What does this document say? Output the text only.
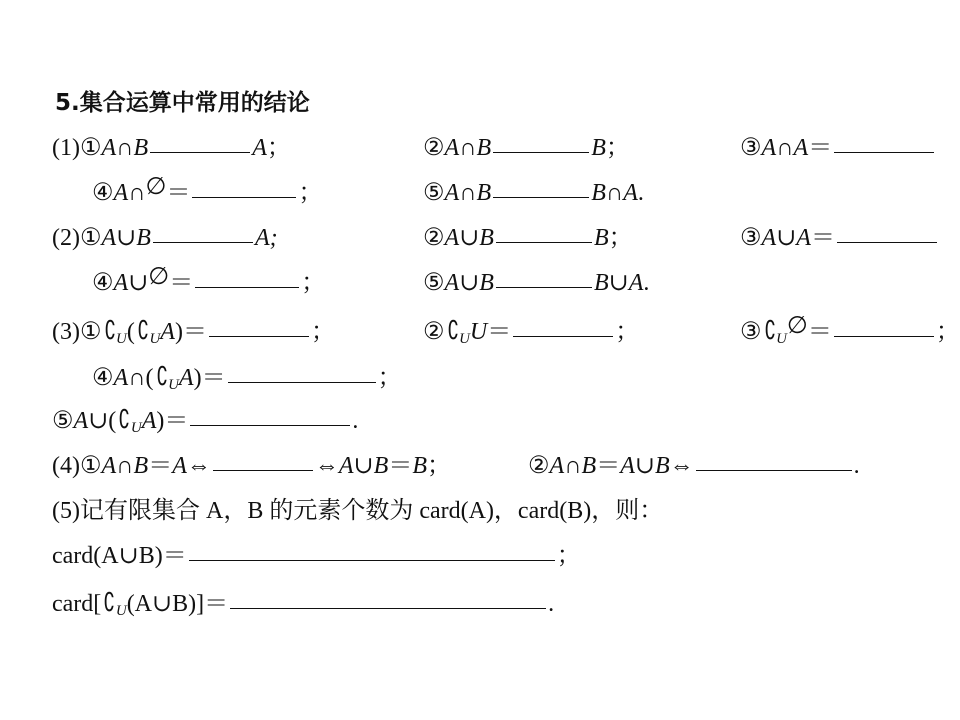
5.集合运算中常用的结论
(1)①A∩B	A；	②A∩B	B；	③A∩A＝
④A∩∅＝	；	⑤A∩B	B∩A.
(2)①A∪B	A;	②A∪B	B；	③A∪A＝
④A∪∅＝	；	⑤A∪B	B∪A.
$(3)①∁_U(∁_UA)=$	；	$②∁_UU=$	；	$③∁_U\emptyset=$	；
$④A\cap(∁_UA)=$	；
$⑤A\cup(∁_UA)=$	.
(4)①A∩B＝A⇔	⇔A∪B＝B；	②A∩B＝A∪B⇔	.
(5)记有限集合 A，B 的元素个数为 card(A)，card(B)，则：
card(A∪B)＝	；
$card[∁_U(A\cup B)]=$	.
